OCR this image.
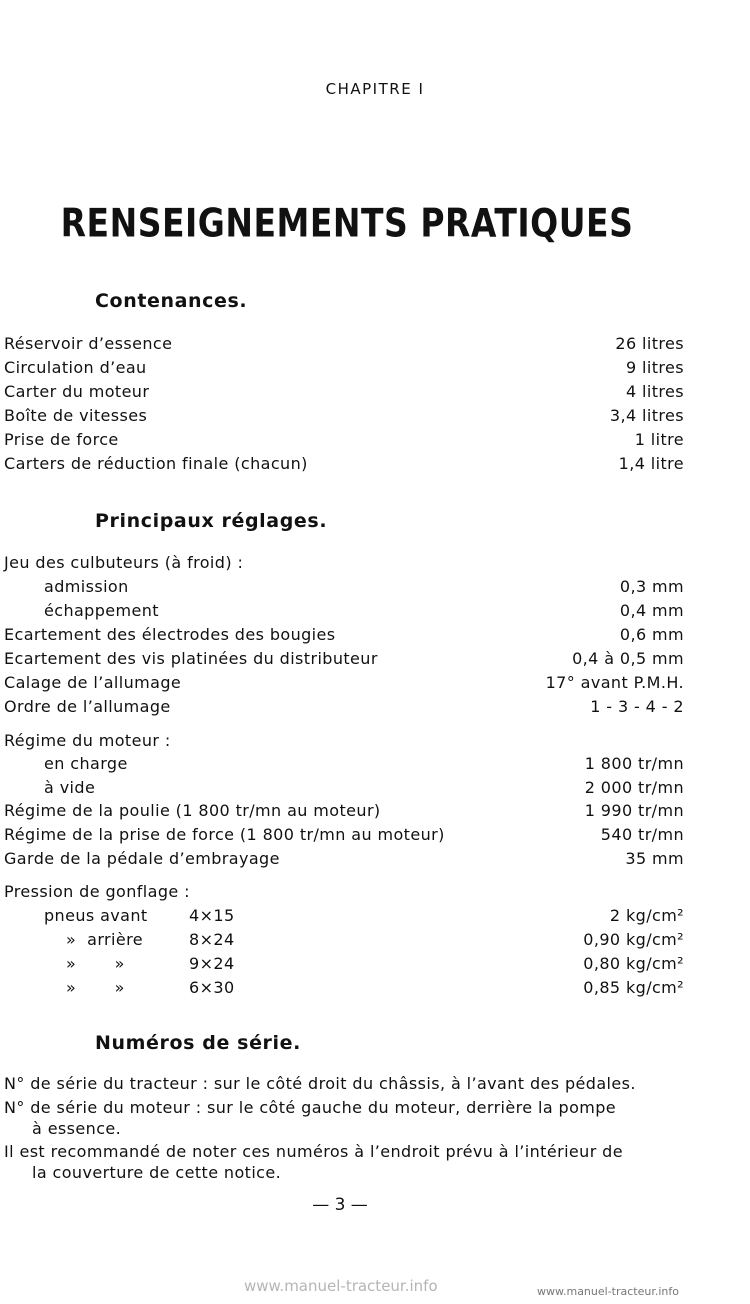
CHAPITRE I
RENSEIGNEMENTS PRATIQUES
Contenances.
Réservoir d’essence	26 litres
Circulation d’eau	9 litres
Carter du moteur	4 litres
Boîte de vitesses	3,4 litres
Prise de force	1 litre
Carters de réduction finale (chacun)	1,4 litre
Principaux réglages.
Jeu des culbuteurs (à froid) :
admission	0,3 mm
échappement	0,4 mm
Ecartement des électrodes des bougies	0,6 mm
Ecartement des vis platinées du distributeur	0,4 à 0,5 mm
Calage de l’allumage	17° avant P.M.H.
Ordre de l’allumage	1 - 3 - 4 - 2
Régime du moteur :
en charge	1 800 tr/mn
à vide	2 000 tr/mn
Régime de la poulie (1 800 tr/mn au moteur)	1 990 tr/mn
Régime de la prise de force (1 800 tr/mn au moteur)	540 tr/mn
Garde de la pédale d’embrayage	35 mm
Pression de gonflage :
pneus avant	4×15	2 kg/cm²
»  arrière	8×24	0,90 kg/cm²
»       »	9×24	0,80 kg/cm²
»       »	6×30	0,85 kg/cm²
Numéros de série.
N° de série du tracteur : sur le côté droit du châssis, à l’avant des pédales.
N° de série du moteur : sur le côté gauche du moteur, derrière la pompe
à essence.
Il est recommandé de noter ces numéros à l’endroit prévu à l’intérieur de
la couverture de cette notice.
— 3 —
www.manuel-tracteur.info	www.manuel-tracteur.info
